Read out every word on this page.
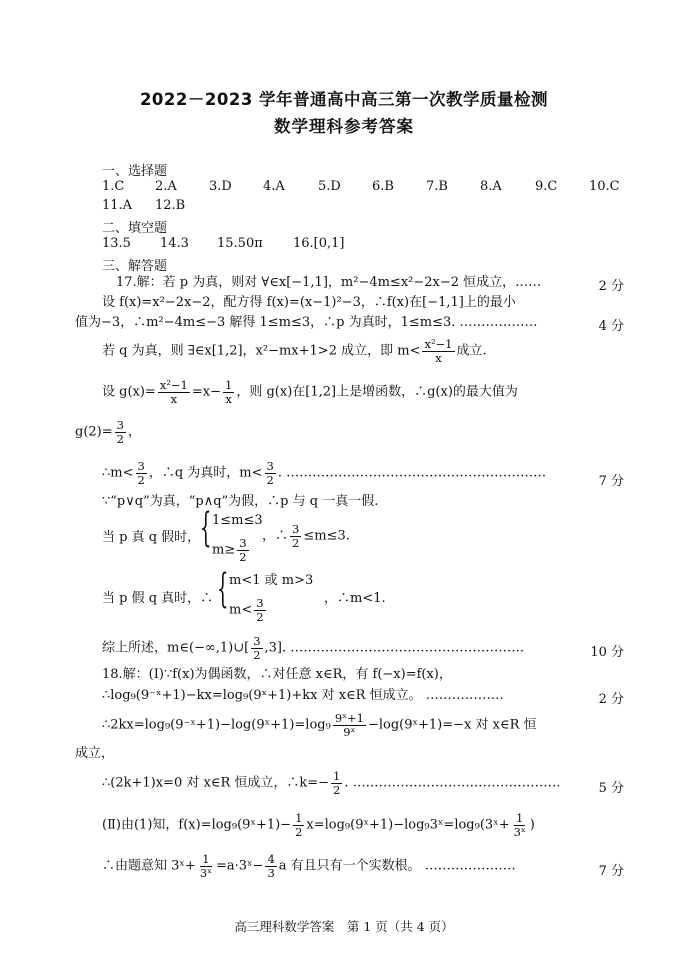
2022－2023 学年普通高中高三第一次教学质量检测
数学理科参考答案
一、选择题
1.C 2.A 3.D 4.A	5.D 6.B 7.B 8.A	9.C 10.C
11.A 12.B
二、填空题
13.5 14.3 15.50π 16.[0,1]
三、解答题
17.解：若 p 为真，则对 ∀∈x[−1,1]，m²−4m≤x²−2x−2 恒成立，……	2 分
设 f(x)=x²−2x−2，配方得 f(x)=(x−1)²−3，∴f(x)在[−1,1]上的最小
值为−3，∴m²−4m≤−3 解得 1≤m≤3，∴p 为真时，1≤m≤3. ………………	4 分
若 q 为真，则 ∃∈x[1,2]，x²−mx+1>2 成立，即 $m< \frac{\text{x²−1}}{x}$ 成立.
设 $g(x)= \frac{\text{x²−1}}{x} =x- \frac{1}{x}$ ，则 g(x)在[1,2]上是增函数，∴g(x)的最大值为
$g(2)= \frac{3}{2}$ ，
∴m< $\frac{3}{2}$ ，∴q 为真时，$m< \frac{3}{2}$ . ……………………………………………………
7 分
∵“p∨q”为真，“p∧q”为假，∴p 与 q 一真一假.
当 p 真 q 假时， { 1≤m≤3
$m\ge \frac{3}{2}$
，∴ $\frac{3}{2} \le m\le 3$.
当 p 假 q 真时，∴ { m<1 或 m>3
$m< \frac{3}{2}$	，∴m<1.
综上所述，m∈(−∞,1)∪[ $\frac{3}{2} ,3$]. ………………………………………………	10 分
18.解：(Ⅰ)∵f(x)为偶函数，∴对任意 x∈R，有 f(−x)=f(x)，
∴log₉(9⁻ˣ+1)−kx=log₉(9ˣ+1)+kx 对 x∈R 恒成立。 ………………	2 分
∴2kx=log₉(9⁻ˣ+1)−log(9ˣ+1)=log₉ $\frac{\text{9ˣ+1}}{\text{9ˣ}}$ −log(9ˣ+1)=−x 对 x∈R 恒
成立，
∴(2k+1)x=0 对 x∈R 恒成立，∴k=− $\frac{1}{2}$ . …………………………………………	5 分
(Ⅱ)由(1)知，f(x)=log₉(9ˣ+1)− $\frac{1}{2}$ x=log₉(9ˣ+1)−log₉3ˣ=log₉(3ˣ+ $\frac{1}{\text{3ˣ}}$ )
∴由题意知 3ˣ+ $\frac{1}{\text{3ˣ}}$ =a·3ˣ− $\frac{4}{3}$ a 有且只有一个实数根。 …………………	7 分
高三理科数学答案　第 1 页（共 4 页）
